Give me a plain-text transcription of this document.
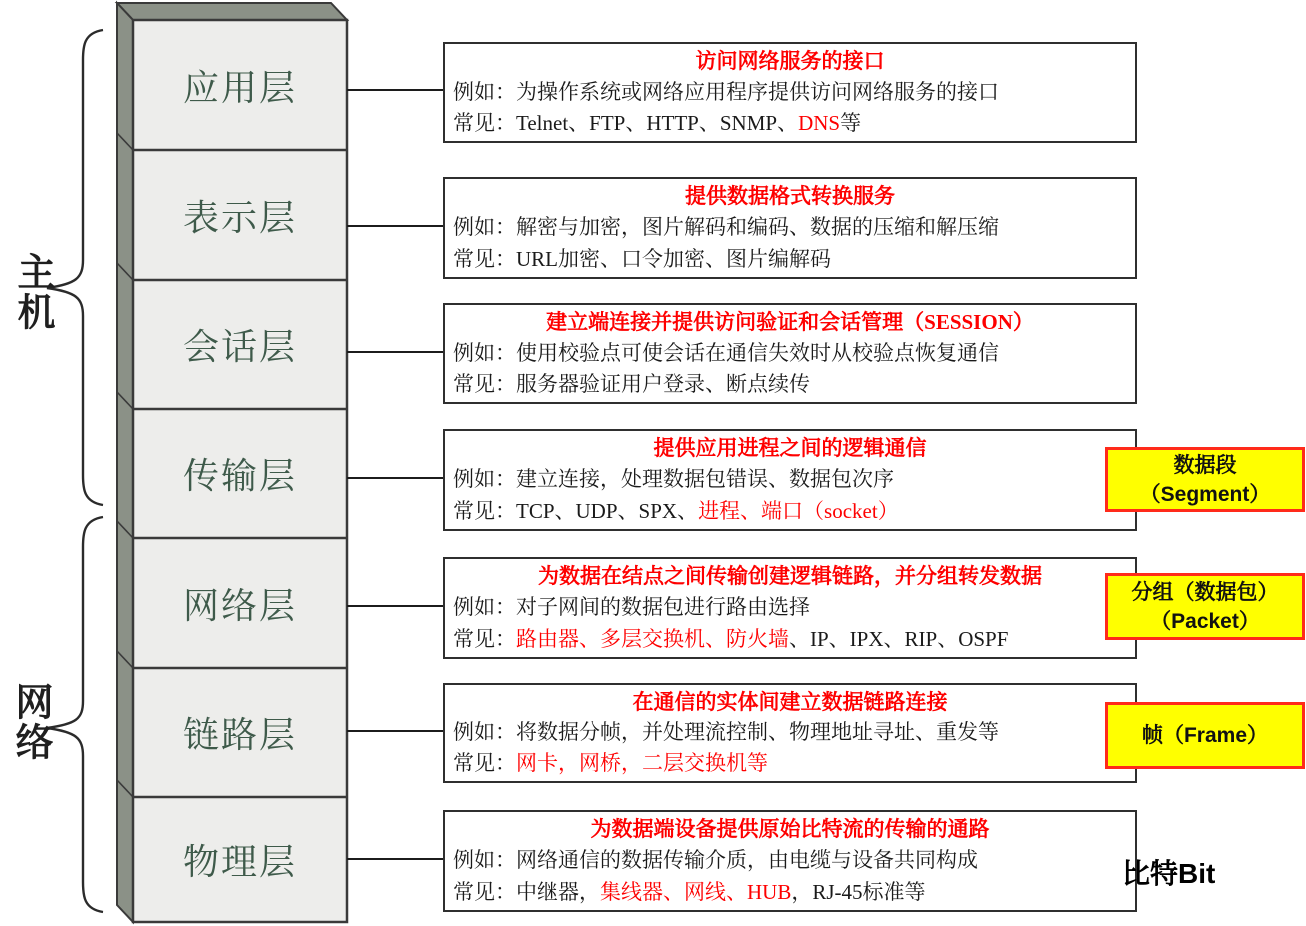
应用层
表示层
会话层
传输层
网络层
链路层
物理层
主机
网络
访问网络服务的接口
例如：为操作系统或网络应用程序提供访问网络服务的接口
常见：Telnet、FTP、HTTP、SNMP、DNS等
提供数据格式转换服务
例如：解密与加密，图片解码和编码、数据的压缩和解压缩
常见：URL加密、口令加密、图片编解码
建立端连接并提供访问验证和会话管理（SESSION）
例如：使用校验点可使会话在通信失效时从校验点恢复通信
常见：服务器验证用户登录、断点续传
提供应用进程之间的逻辑通信
例如：建立连接，处理数据包错误、数据包次序
常见：TCP、UDP、SPX、进程、端口（socket）
为数据在结点之间传输创建逻辑链路，并分组转发数据
例如：对子网间的数据包进行路由选择
常见：路由器、多层交换机、防火墙、IP、IPX、RIP、OSPF
在通信的实体间建立数据链路连接
例如：将数据分帧，并处理流控制、物理地址寻址、重发等
常见：网卡，网桥，二层交换机等
为数据端设备提供原始比特流的传输的通路
例如：网络通信的数据传输介质，由电缆与设备共同构成
常见：中继器，集线器、网线、HUB，RJ-45标准等
数据段
（Segment）
分组（数据包）
（Packet）
帧（Frame）
比特Bit
